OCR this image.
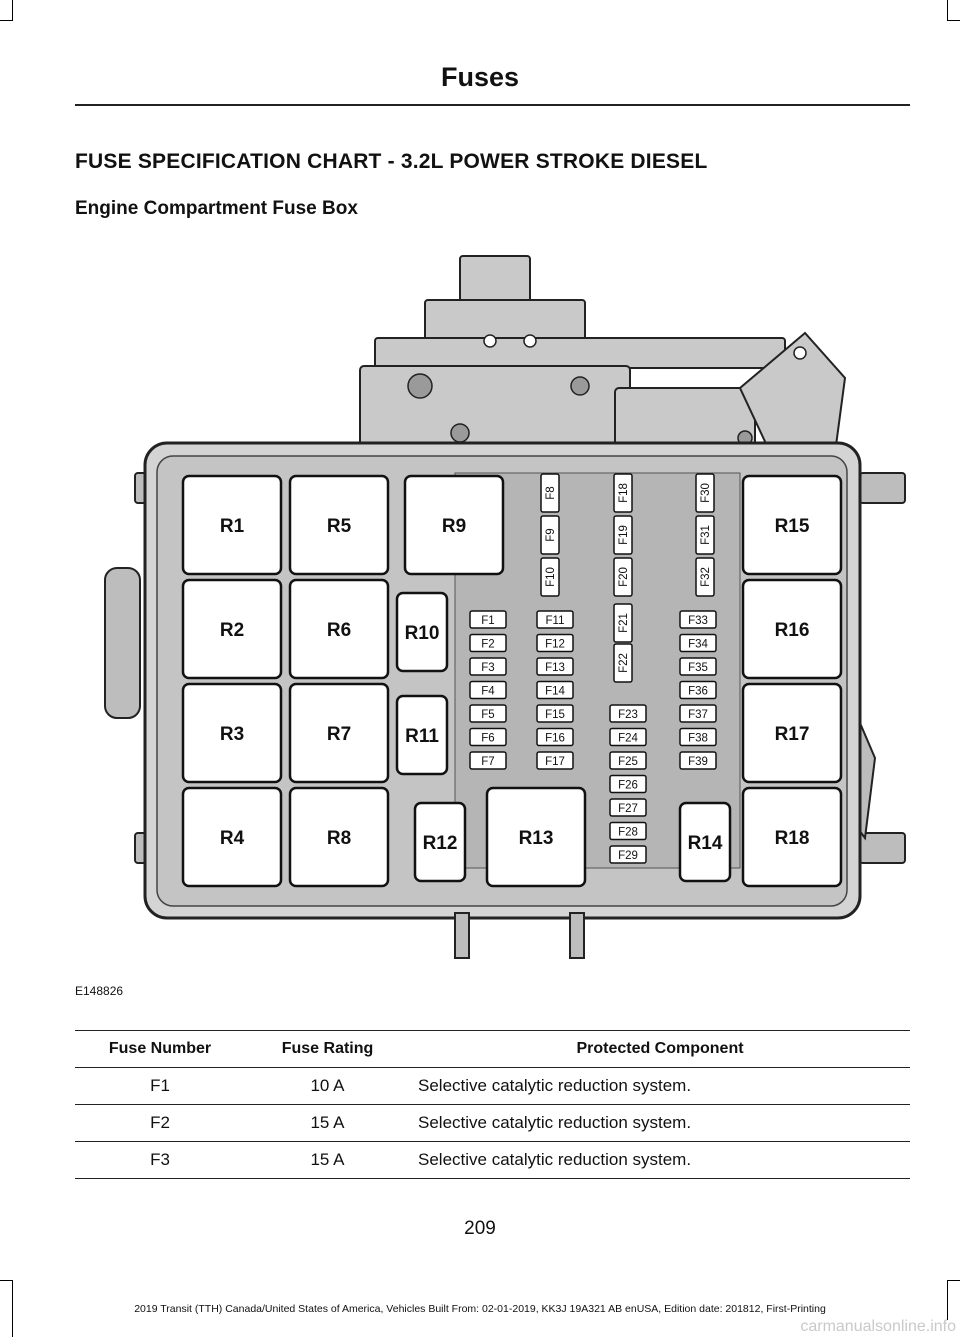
Fuses
FUSE SPECIFICATION CHART - 3.2L POWER STROKE DIESEL
Engine Compartment Fuse Box
R1
R2
R3
R4
R5
R6
R7
R8
R9
R10
R11
R12	R13	R14
R15
R16
R17
R18
F1
F2
F3
F4
F5
F6
F7
F11
F12
F13
F14
F15
F16
F17
F23
F24
F25
F26
F27
F28
F29
F33
F34
F35
F36
F37
F38
F39
F8
F9
F10
F18
F19
F20
F21
F22
F30
F31
F32
E148826
Fuse Number	Fuse Rating	Protected Component
F1	10 A	Selective catalytic reduction system.
F2	15 A	Selective catalytic reduction system.
F3	15 A	Selective catalytic reduction system.
209
2019 Transit (TTH) Canada/United States of America, Vehicles Built From: 02-01-2019, KK3J 19A321 AB enUSA, Edition date: 201812, First-Printing
carmanualsonline.info
